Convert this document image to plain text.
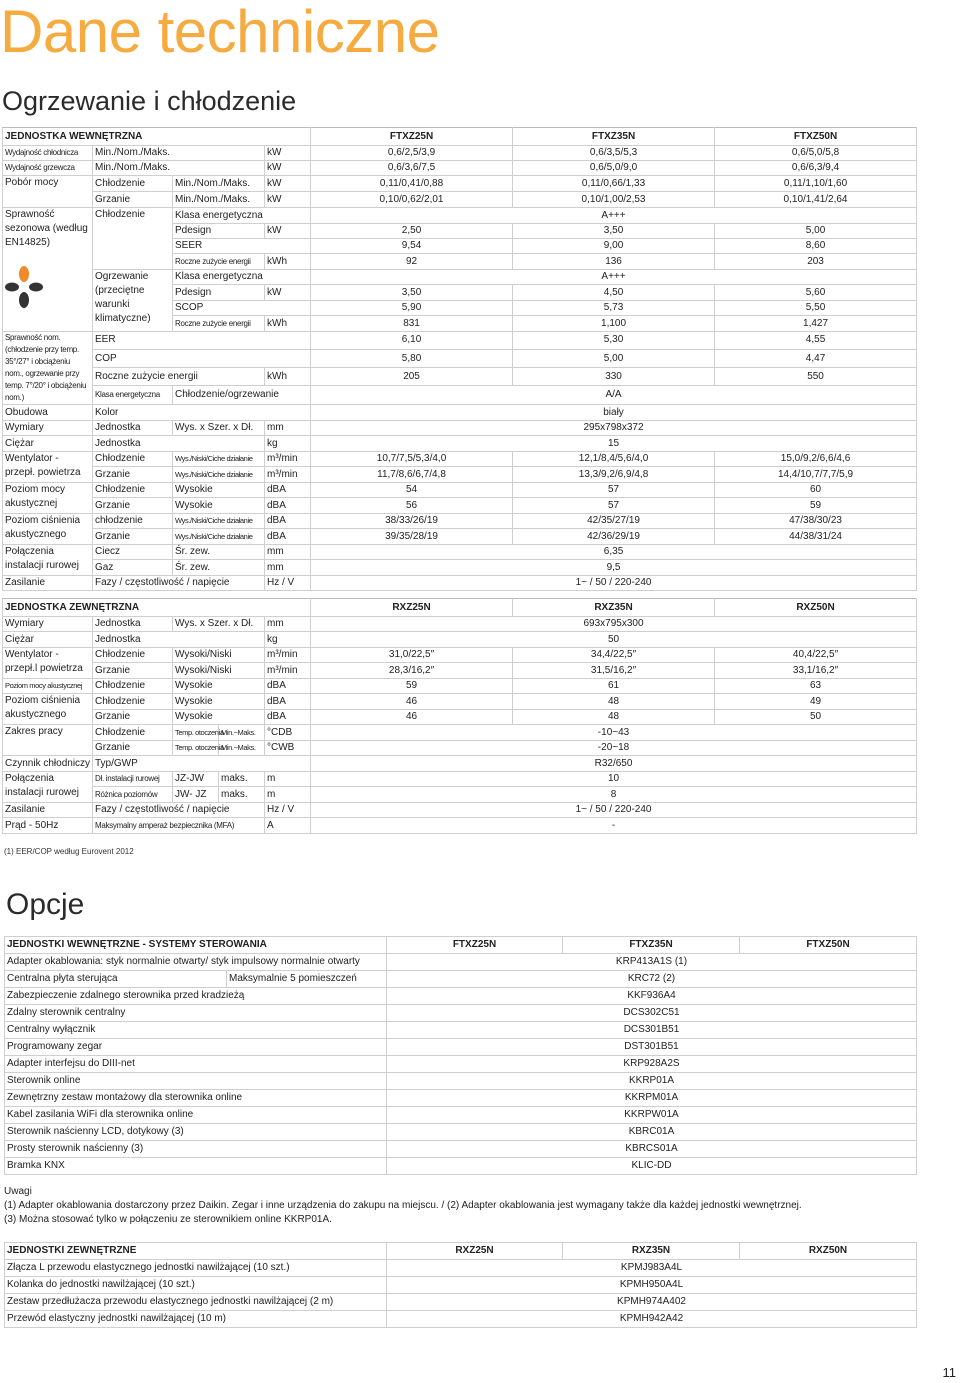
Dane techniczne
Ogrzewanie i chłodzenie
JEDNOSTKA WEWNĘTRZNA				FTXZ25N	FTXZ35N	FTXZ50N
Wydajność chłodnicza	Min./Nom./Maks.		kW	0,6/2,5/3,9	0,6/3,5/5,3	0,6/5,0/5,8
Wydajność grzewcza	Min./Nom./Maks.		kW	0,6/3,6/7,5	0,6/5,0/9,0	0,6/6,3/9,4
Pobór mocy	Chłodzenie	Min./Nom./Maks.	kW	0,11/0,41/0,88	0,11/0,66/1,33	0,11/1,10/1,60
	Grzanie	Min./Nom./Maks.	kW	0,10/0,62/2,01	0,10/1,00/2,53	0,10/1,41/2,64
Sprawność sezonowa (według EN14825)	Chłodzenie	Klasa energetyczna		A+++		
		Pdesign	kW	2,50	3,50	5,00
		SEER		9,54	9,00	8,60
		Roczne zużycie energii	kWh	92	136	203
	Ogrzewanie (przeciętne warunki klimatyczne)	Klasa energetyczna		A+++		
		Pdesign	kW	3,50	4,50	5,60
		SCOP		5,90	5,73	5,50
		Roczne zużycie energii	kWh	831	1,100	1,427
Sprawność nom. (chłodzenie przy temp. 35°/27° i obciążeniu nom., ogrzewanie przy temp. 7°/20° i obciążeniu nom.)	EER			6,10	5,30	4,55
	COP			5,80	5,00	4,47
	Roczne zużycie energii		kWh	205	330	550
	Klasa energetyczna	Chłodzenie/ogrzewanie		A/A		
Obudowa	Kolor			biały		
Wymiary	Jednostka	Wys. x Szer. x Dł.	mm	295x798x372		
Ciężar	Jednostka		kg	15		
Wentylator - przepł. powietrza	Chłodzenie	Wys./Niski/Ciche działanie	m³/min	10,7/7,5/5,3/4,0	12,1/8,4/5,6/4,0	15,0/9,2/6,6/4,6
	Grzanie	Wys./Niski/Ciche działanie	m³/min	11,7/8,6/6,7/4,8	13,3/9,2/6,9/4,8	14,4/10,7/7,7/5,9
Poziom mocy akustycznej	Chłodzenie	Wysokie	dBA	54	57	60
	Grzanie	Wysokie	dBA	56	57	59
Poziom ciśnienia akustycznego	chłodzenie	Wys./Niski/Ciche działanie	dBA	38/33/26/19	42/35/27/19	47/38/30/23
	Grzanie	Wys./Niski/Ciche działanie	dBA	39/35/28/19	42/36/29/19	44/38/31/24
Połączenia instalacji rurowej	Ciecz	Śr. zew.	mm	6,35		
	Gaz	Śr. zew.	mm	9,5		
Zasilanie	Fazy / częstotliwość / napięcie		Hz / V	1~ / 50 / 220-240		
JEDNOSTKA ZEWNĘTRZNA					RXZ25N	RXZ35N	RXZ50N
Wymiary	Jednostka	Wys. x Szer. x Dł.		mm	693x795x300		
Ciężar	Jednostka			kg	50		
Wentylator - przepł.l powietrza	Chłodzenie	Wysoki/Niski		m³/min	31,0/22,5″	34,4/22,5″	40,4/22,5″
	Grzanie	Wysoki/Niski		m³/min	28,3/16,2″	31,5/16,2″	33,1/16,2″
Poziom mocy akustycznej	Chłodzenie	Wysokie		dBA	59	61	63
Poziom ciśnienia akustycznego	Chłodzenie	Wysokie		dBA	46	48	49
	Grzanie	Wysokie		dBA	46	48	50
Zakres pracy	Chłodzenie	Temp. otoczenia	Min.~Maks.	°CDB	-10~43		
	Grzanie	Temp. otoczenia	Min.~Maks.	°CWB	-20~18		
Czynnik chłodniczy	Typ/GWP				R32/650		
Połączenia instalacji rurowej	Dł. instalacji rurowej	JZ-JW	maks.	m	10		
	Różnica poziomów	JW- JZ	maks.	m	8		
Zasilanie	Fazy / częstotliwość / napięcie			Hz / V	1~ / 50 / 220-240		
Prąd - 50Hz	Maksymalny amperaż bezpiecznika (MFA)			A	-		
(1) EER/COP według Eurovent 2012
Opcje
JEDNOSTKI WEWNĘTRZNE - SYSTEMY STEROWANIA		FTXZ25N	FTXZ35N	FTXZ50N
Adapter okablowania: styk normalnie otwarty/ styk impulsowy normalnie otwarty		KRP413A1S (1)		
Centralna płyta sterująca	Maksymalnie 5 pomieszczeń	KRC72 (2)		
Zabezpieczenie zdalnego sterownika przed kradzieżą		KKF936A4		
Zdalny sterownik centralny		DCS302C51		
Centralny wyłącznik		DCS301B51		
Programowany zegar		DST301B51		
Adapter interfejsu do DIII-net		KRP928A2S		
Sterownik online		KKRP01A		
Zewnętrzny zestaw montażowy dla sterownika online		KKRPM01A		
Kabel zasilania WiFi dla sterownika online		KKRPW01A		
Sterownik naścienny LCD, dotykowy (3)		KBRC01A		
Prosty sterownik naścienny (3)		KBRCS01A		
Bramka KNX		KLIC-DD		
Uwagi
(1) Adapter okablowania dostarczony przez Daikin. Zegar i inne urządzenia do zakupu na miejscu. / (2) Adapter okablowania jest wymagany także dla każdej jednostki wewnętrznej.
(3) Można stosować tylko w połączeniu ze sterownikiem online KKRP01A.
JEDNOSTKI ZEWNĘTRZNE	RXZ25N	RXZ35N	RXZ50N
Złącza L przewodu elastycznego jednostki nawilżającej (10 szt.)	KPMJ983A4L		
Kolanka do jednostki nawilżającej (10 szt.)	KPMH950A4L		
Zestaw przedłużacza przewodu elastycznego jednostki nawilżającej (2 m)	KPMH974A402		
Przewód elastyczny jednostki nawilżającej (10 m)	KPMH942A42		
11
